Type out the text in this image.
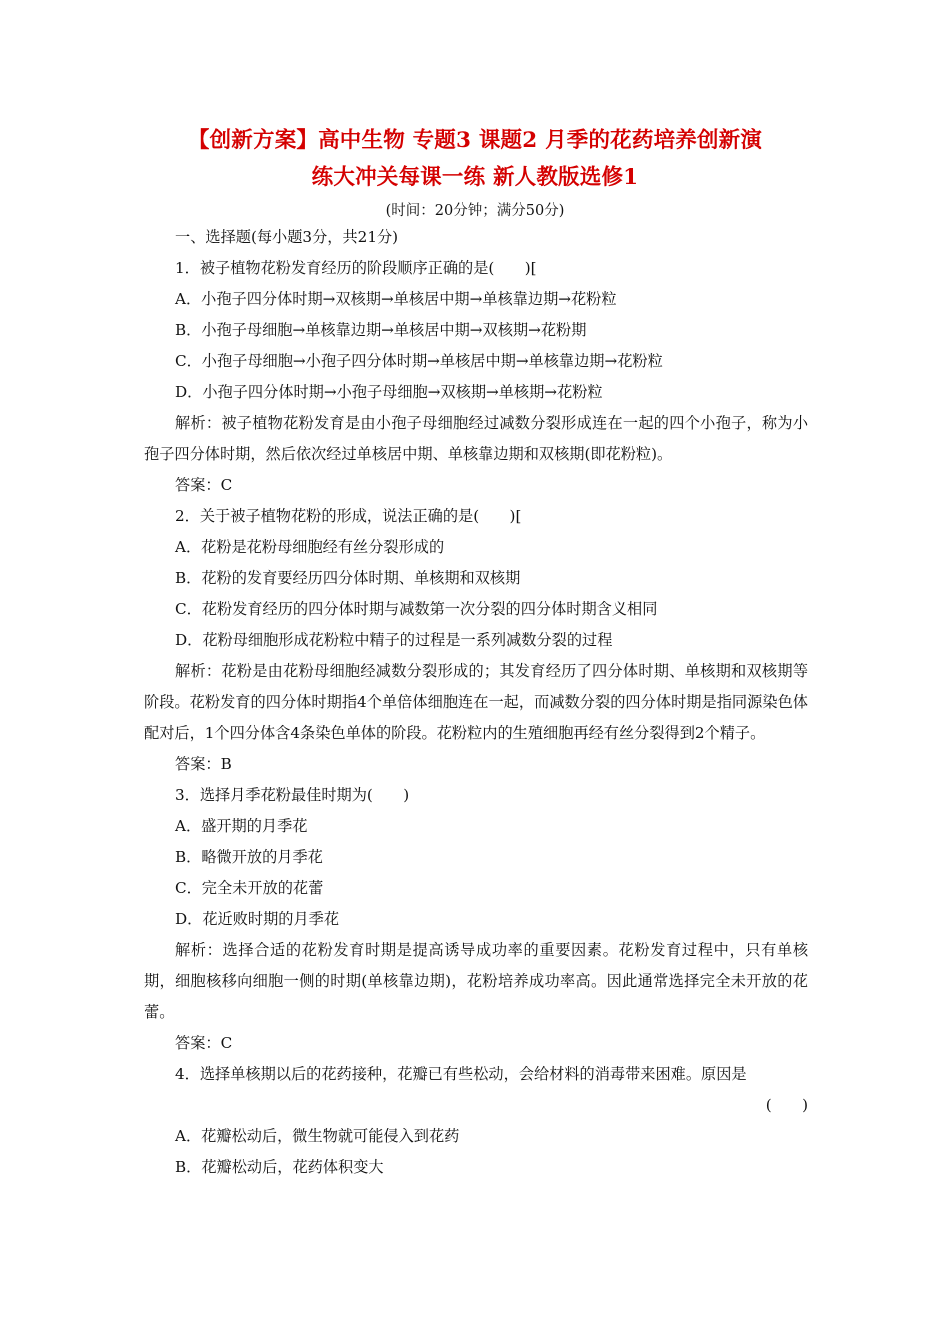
【创新方案】高中生物 专题3 课题2 月季的花药培养创新演
练大冲关每课一练 新人教版选修1
(时间：20分钟；满分50分)
一、选择题(每小题3分，共21分)
1．被子植物花粉发育经历的阶段顺序正确的是(　　)[
A．小孢子四分体时期→双核期→单核居中期→单核靠边期→花粉粒
B．小孢子母细胞→单核靠边期→单核居中期→双核期→花粉期
C．小孢子母细胞→小孢子四分体时期→单核居中期→单核靠边期→花粉粒
D．小孢子四分体时期→小孢子母细胞→双核期→单核期→花粉粒
解析：被子植物花粉发育是由小孢子母细胞经过减数分裂形成连在一起的四个小孢子，称为小孢子四分体时期，然后依次经过单核居中期、单核靠边期和双核期(即花粉粒)。
答案：C
2．关于被子植物花粉的形成，说法正确的是(　　)[
A．花粉是花粉母细胞经有丝分裂形成的
B．花粉的发育要经历四分体时期、单核期和双核期
C．花粉发育经历的四分体时期与减数第一次分裂的四分体时期含义相同
D．花粉母细胞形成花粉粒中精子的过程是一系列减数分裂的过程
解析：花粉是由花粉母细胞经减数分裂形成的；其发育经历了四分体时期、单核期和双核期等阶段。花粉发育的四分体时期指4个单倍体细胞连在一起，而减数分裂的四分体时期是指同源染色体配对后，1个四分体含4条染色单体的阶段。花粉粒内的生殖细胞再经有丝分裂得到2个精子。
答案：B
3．选择月季花粉最佳时期为(　　)
A．盛开期的月季花
B．略微开放的月季花
C．完全未开放的花蕾
D．花近败时期的月季花
解析：选择合适的花粉发育时期是提高诱导成功率的重要因素。花粉发育过程中，只有单核期，细胞核移向细胞一侧的时期(单核靠边期)，花粉培养成功率高。因此通常选择完全未开放的花蕾。
答案：C
4．选择单核期以后的花药接种，花瓣已有些松动，会给材料的消毒带来困难。原因是
(　　)
A．花瓣松动后，微生物就可能侵入到花药
B．花瓣松动后，花药体积变大
